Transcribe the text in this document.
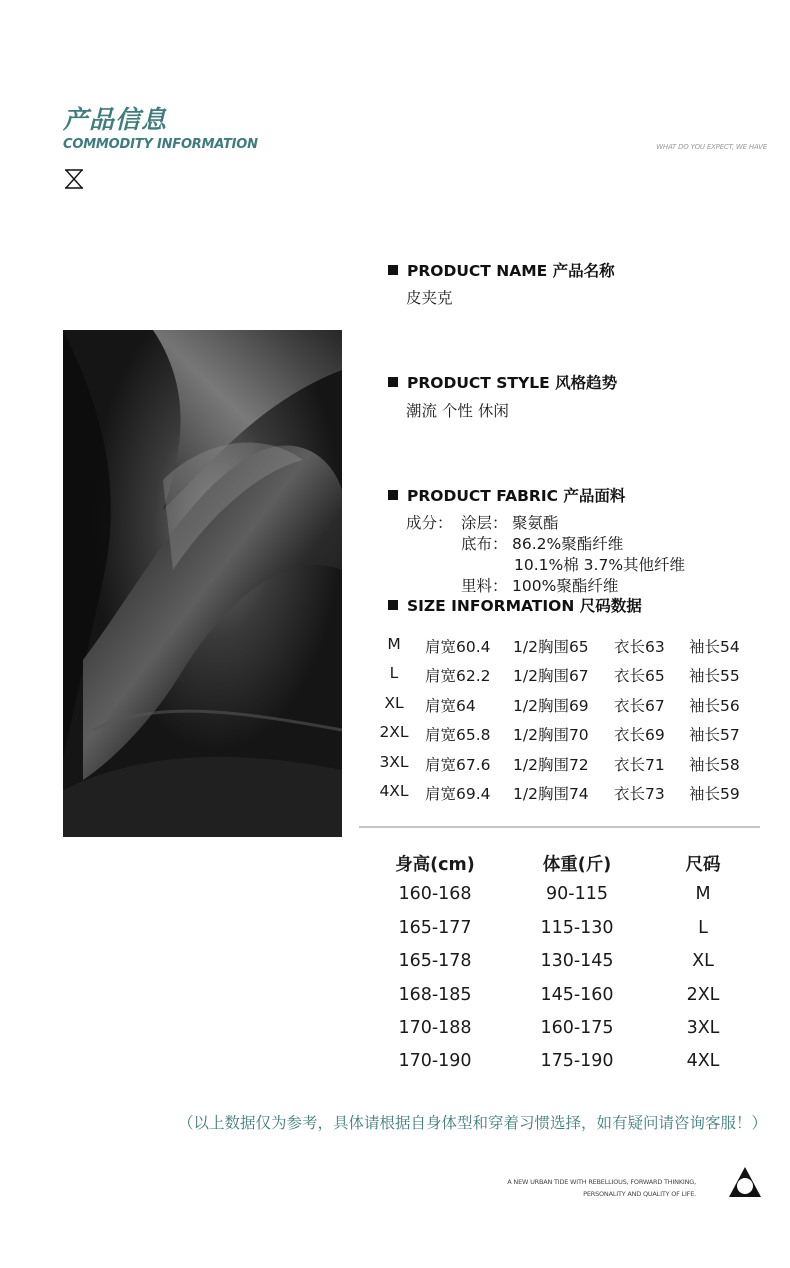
产品信息
COMMODITY INFORMATION	WHAT DO YOU EXPECT, WE HAVE
PRODUCT NAME 产品名称
皮夹克
PRODUCT STYLE 风格趋势
潮流 个性 休闲
PRODUCT FABRIC 产品面料
成分： 涂层： 聚氨酯
底布： 86.2%聚酯纤维
10.1%棉 3.7%其他纤维
里料： 100%聚酯纤维
SIZE INFORMATION 尺码数据
M	肩宽60.4 1/2胸围65 衣长63 袖长54
L	肩宽62.2 1/2胸围67 衣长65 袖长55
XL	肩宽64 1/2胸围69 衣长67 袖长56
2XL	肩宽65.8 1/2胸围70 衣长69 袖长57
3XL	肩宽67.6 1/2胸围72 衣长71 袖长58
4XL	肩宽69.4 1/2胸围74 衣长73 袖长59
身高(cm)	体重(斤)	尺码
160-168	90-115	M
165-177	115-130	L
165-178	130-145	XL
168-185	145-160	2XL
170-188	160-175	3XL
170-190	175-190	4XL
（以上数据仅为参考，具体请根据自身体型和穿着习惯选择，如有疑问请咨询客服！）
A NEW URBAN TIDE WITH REBELLIOUS, FORWARD THINKING,
PERSONALITY AND QUALITY OF LIFE.
